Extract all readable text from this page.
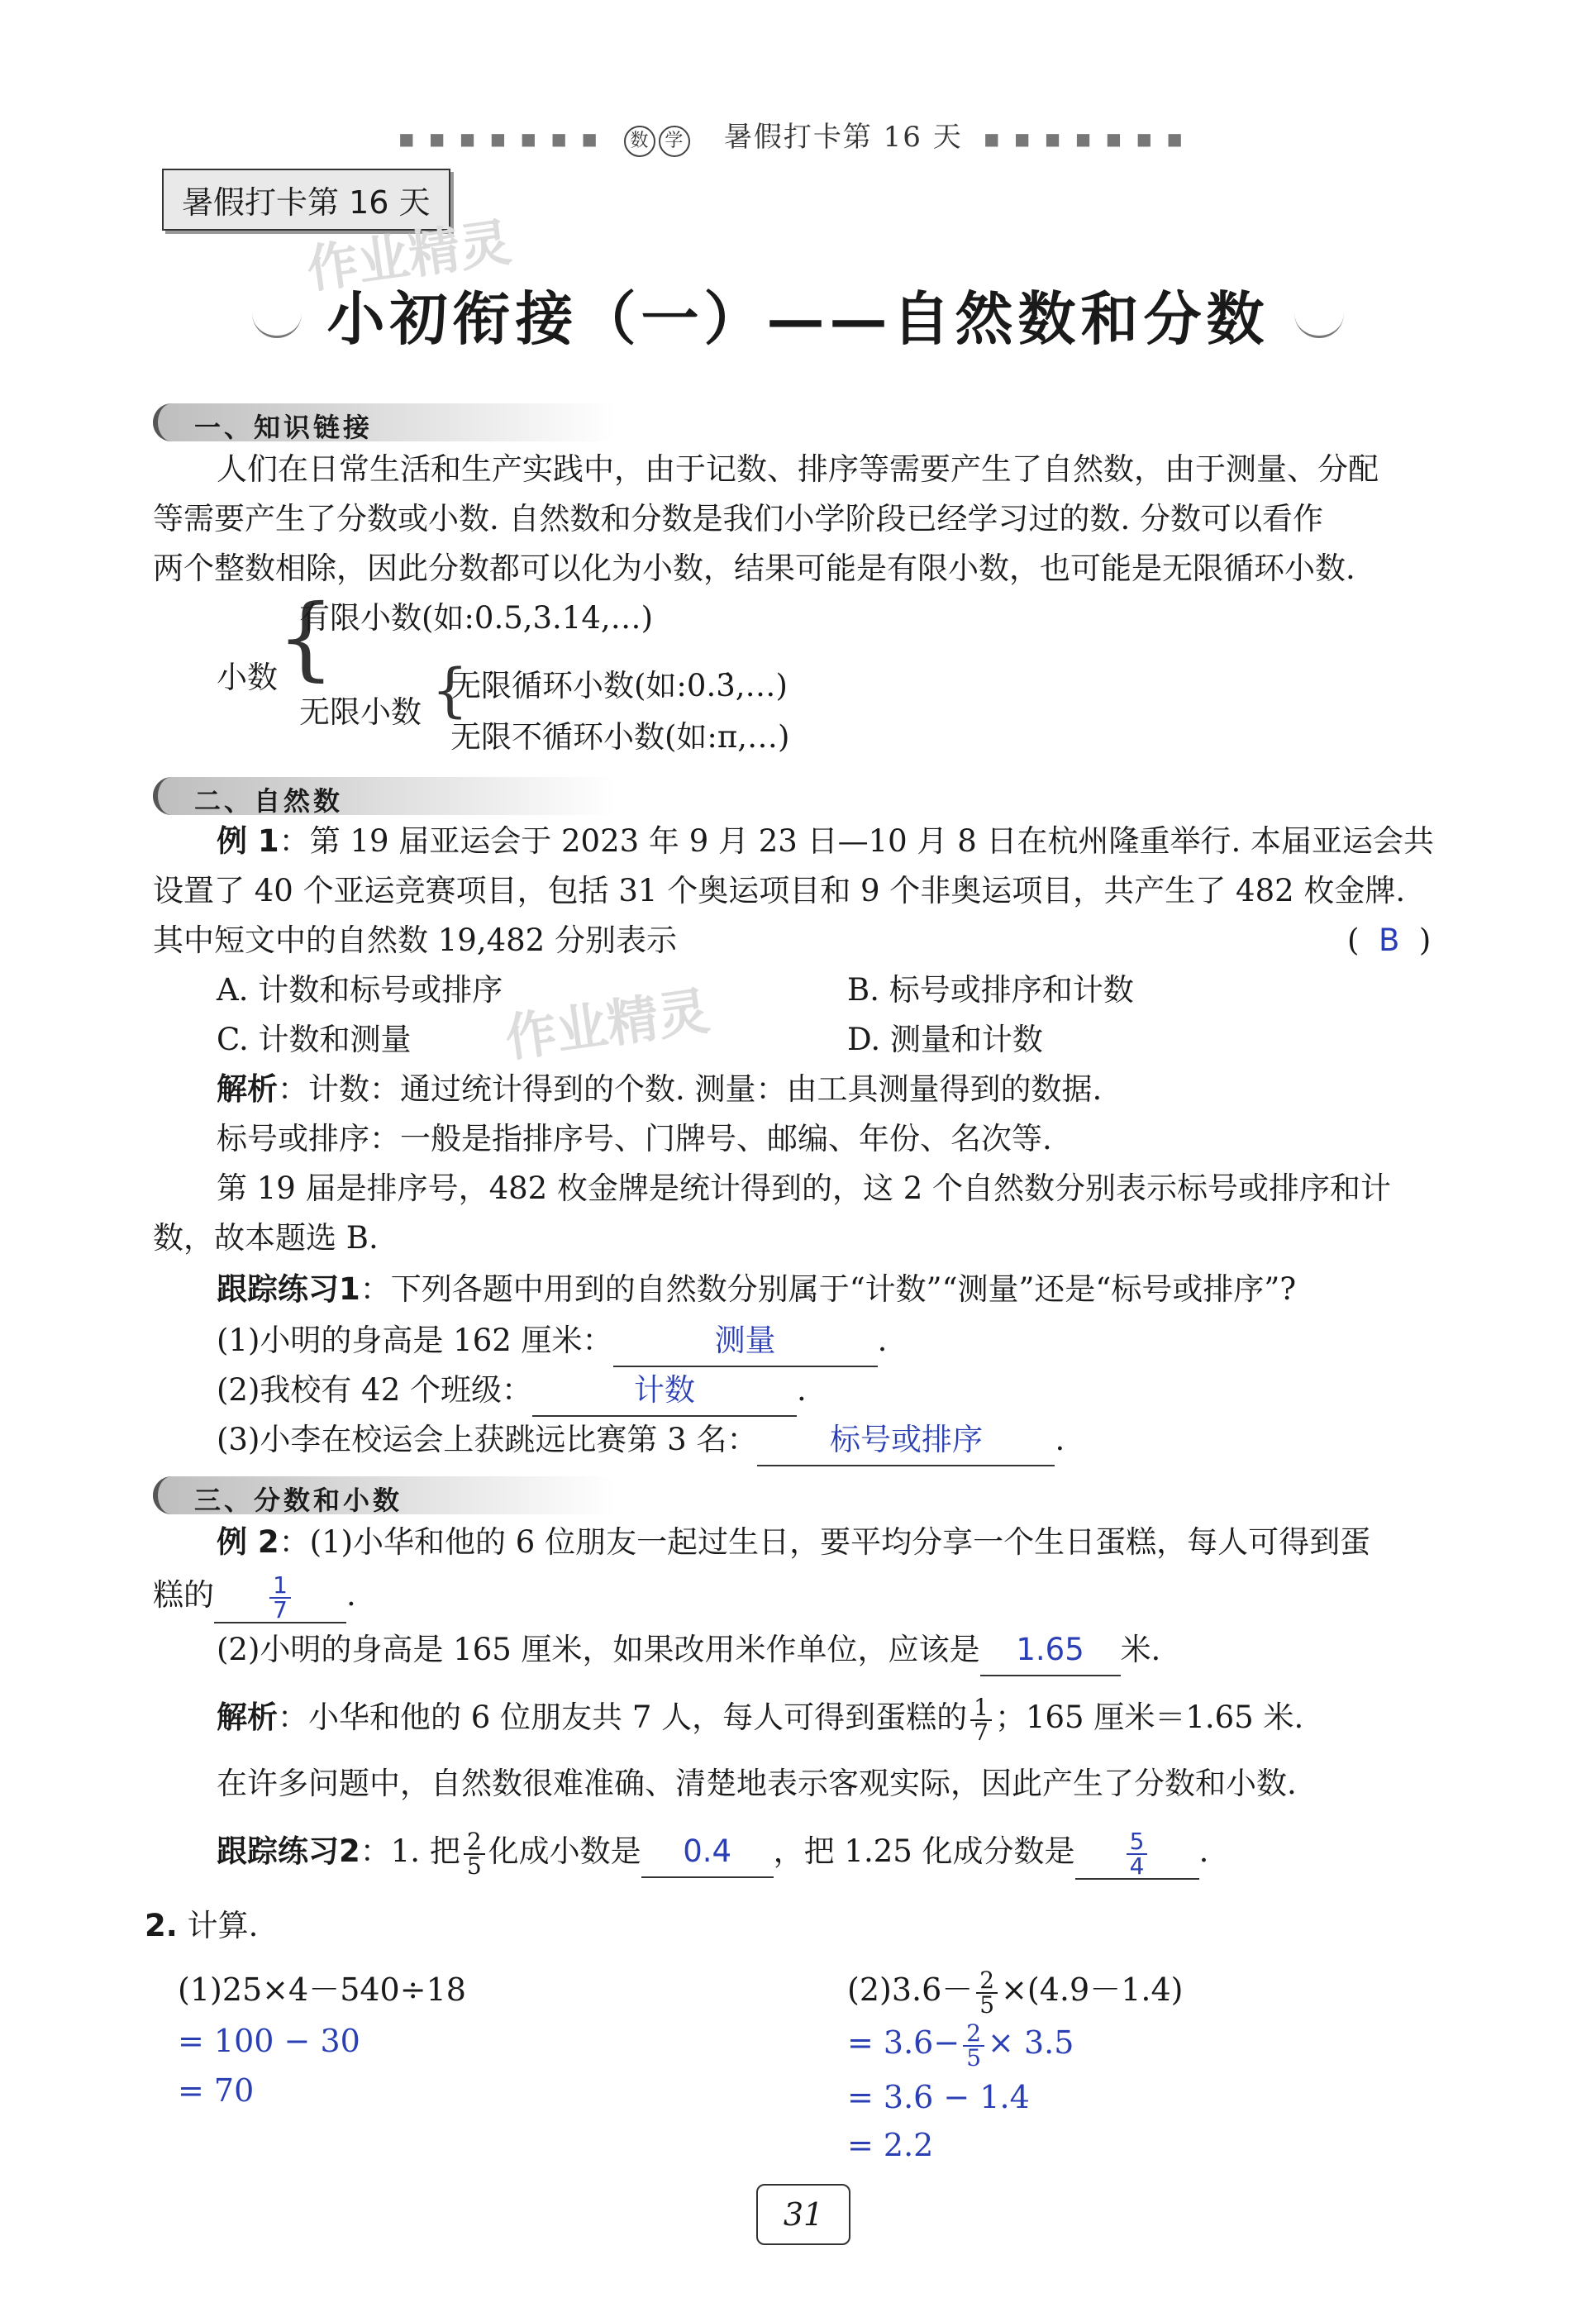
■■■■■■■ 数 学 暑假打卡第 16 天 ■■■■■■■
暑假打卡第 16 天
作业精灵
小初衔接（一）——自然数和分数
一、知识链接
人们在日常生活和生产实践中，由于记数、排序等需要产生了自然数，由于测量、分配
等需要产生了分数或小数. 自然数和分数是我们小学阶段已经学习过的数. 分数可以看作
两个整数相除，因此分数都可以化为小数，结果可能是有限小数，也可能是无限循环小数.
小数 {
有限小数(如:0.5,3.14,…)
无限小数 {
无限循环小数(如:0.3̇,…)
无限不循环小数(如:π,…)
二、自然数
例 1：第 19 届亚运会于 2023 年 9 月 23 日—10 月 8 日在杭州隆重举行. 本届亚运会共
设置了 40 个亚运竞赛项目，包括 31 个奥运项目和 9 个非奥运项目，共产生了 482 枚金牌.
其中短文中的自然数 19,482 分别表示	(  B  )
作业精灵
A. 计数和标号或排序	B. 标号或排序和计数
C. 计数和测量	D. 测量和计数
解析：计数：通过统计得到的个数. 测量：由工具测量得到的数据.
标号或排序：一般是指排序号、门牌号、邮编、年份、名次等.
第 19 届是排序号，482 枚金牌是统计得到的，这 2 个自然数分别表示标号或排序和计
数，故本题选 B.
跟踪练习1：下列各题中用到的自然数分别属于“计数”“测量”还是“标号或排序”?
(1)小明的身高是 162 厘米：	测量	.
(2)我校有 42 个班级：	计数	.
(3)小李在校运会上获跳远比赛第 3 名： 标号或排序 .
三、分数和小数
例 2：(1)小华和他的 6 位朋友一起过生日，要平均分享一个生日蛋糕，每人可得到蛋
糕的 $\frac{1}{7}$ .
(2)小明的身高是 165 厘米，如果改用米作单位，应该是 1.65 米.
解析：小华和他的 6 位朋友共 7 人，每人可得到蛋糕的 $\frac{1}{7}$ ；165 厘米＝1.65 米.
在许多问题中，自然数很难准确、清楚地表示客观实际，因此产生了分数和小数.
跟踪练习2：1. 把 $\frac{2}{5}$ 化成小数是 0.4 ，把 1.25 化成分数是 $\frac{5}{4}$ .
2. 计算.
(1)25×4－540÷18
= 100 − 30
= 70
$(2)3.6- \frac{2}{5} \times(4.9-1.4)$
= $3.6- \frac{2}{5} \times 3.5$
= 3.6 − 1.4
= 2.2
31
